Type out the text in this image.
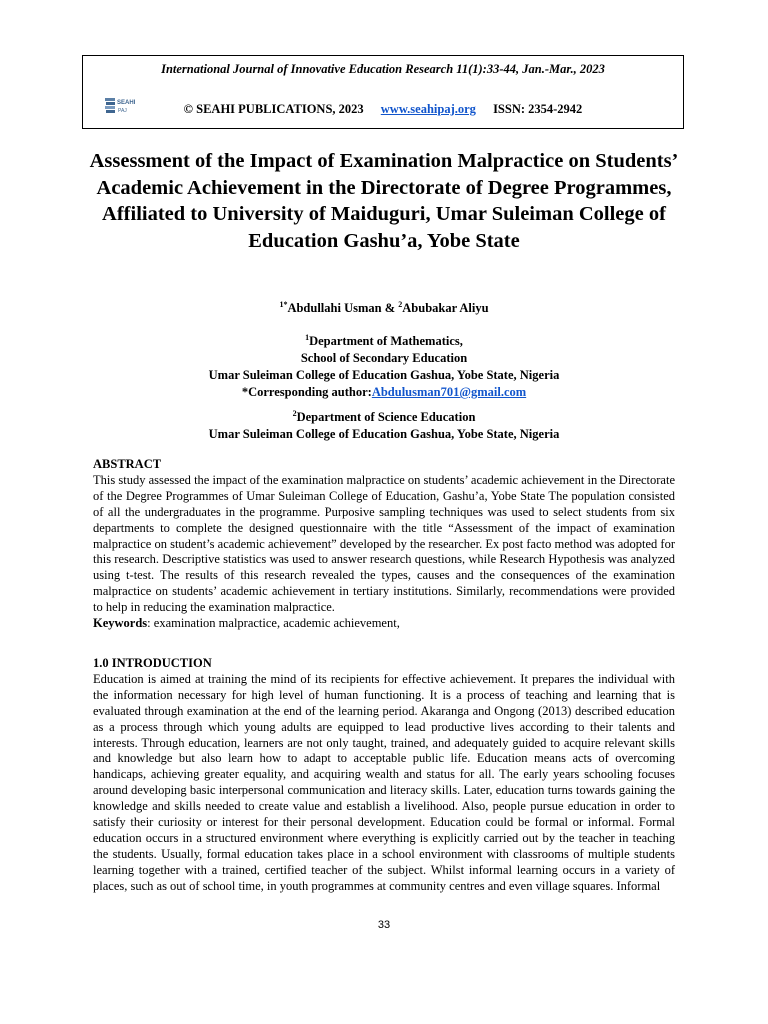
International Journal of Innovative Education Research 11(1):33-44, Jan.-Mar., 2023
SEAHI
PAJ	© SEAHI PUBLICATIONS, 2023 www.seahipaj.org ISSN: 2354-2942
Assessment of the Impact of Examination Malpractice on Students’ Academic Achievement in the Directorate of Degree Programmes, Affiliated to University of Maiduguri, Umar Suleiman College of Education Gashu’a, Yobe State
$^{1*}$Abdullahi Usman & $^2$Abubakar Aliyu
$^1$Department of Mathematics,
School of Secondary Education
Umar Suleiman College of Education Gashua, Yobe State, Nigeria
*Corresponding author:Abdulusman701@gmail.com
$^2$Department of Science Education
Umar Suleiman College of Education Gashua, Yobe State, Nigeria
ABSTRACT
This study assessed the impact of the examination malpractice on students’ academic achievement in the Directorate of the Degree Programmes of Umar Suleiman College of Education, Gashu’a, Yobe State The population consisted of all the undergraduates in the programme. Purposive sampling techniques was used to select students from six departments to complete the designed questionnaire with the title “Assessment of the impact of examination malpractice on student’s academic achievement” developed by the researcher. Ex post facto method was adopted for this research. Descriptive statistics was used to answer research questions, while Research Hypothesis was analyzed using t-test. The results of this research revealed the types, causes and the consequences of the examination malpractice on students’ academic achievement in tertiary institutions. Similarly, recommendations were provided to help in reducing the examination malpractice.
Keywords: examination malpractice, academic achievement,
1.0 INTRODUCTION
Education is aimed at training the mind of its recipients for effective achievement. It prepares the individual with the information necessary for high level of human functioning. It is a process of teaching and learning that is evaluated through examination at the end of the learning period. Akaranga and Ongong (2013) described education as a process through which young adults are equipped to lead productive lives according to their talents and interests. Through education, learners are not only taught, trained, and adequately guided to acquire relevant skills and knowledge but also learn how to adapt to acceptable public life. Education means acts of overcoming handicaps, achieving greater equality, and acquiring wealth and status for all. The early years schooling focuses around developing basic interpersonal communication and literacy skills. Later, education turns towards gaining the knowledge and skills needed to create value and establish a livelihood. Also, people pursue education in order to satisfy their curiosity or interest for their personal development. Education could be formal or informal. Formal education occurs in a structured environment where everything is explicitly carried out by the teacher in teaching the students. Usually, formal education takes place in a school environment with classrooms of multiple students learning together with a trained, certified teacher of the subject. Whilst informal learning occurs in a variety of places, such as out of school time, in youth programmes at community centres and even village squares. Informal
33
